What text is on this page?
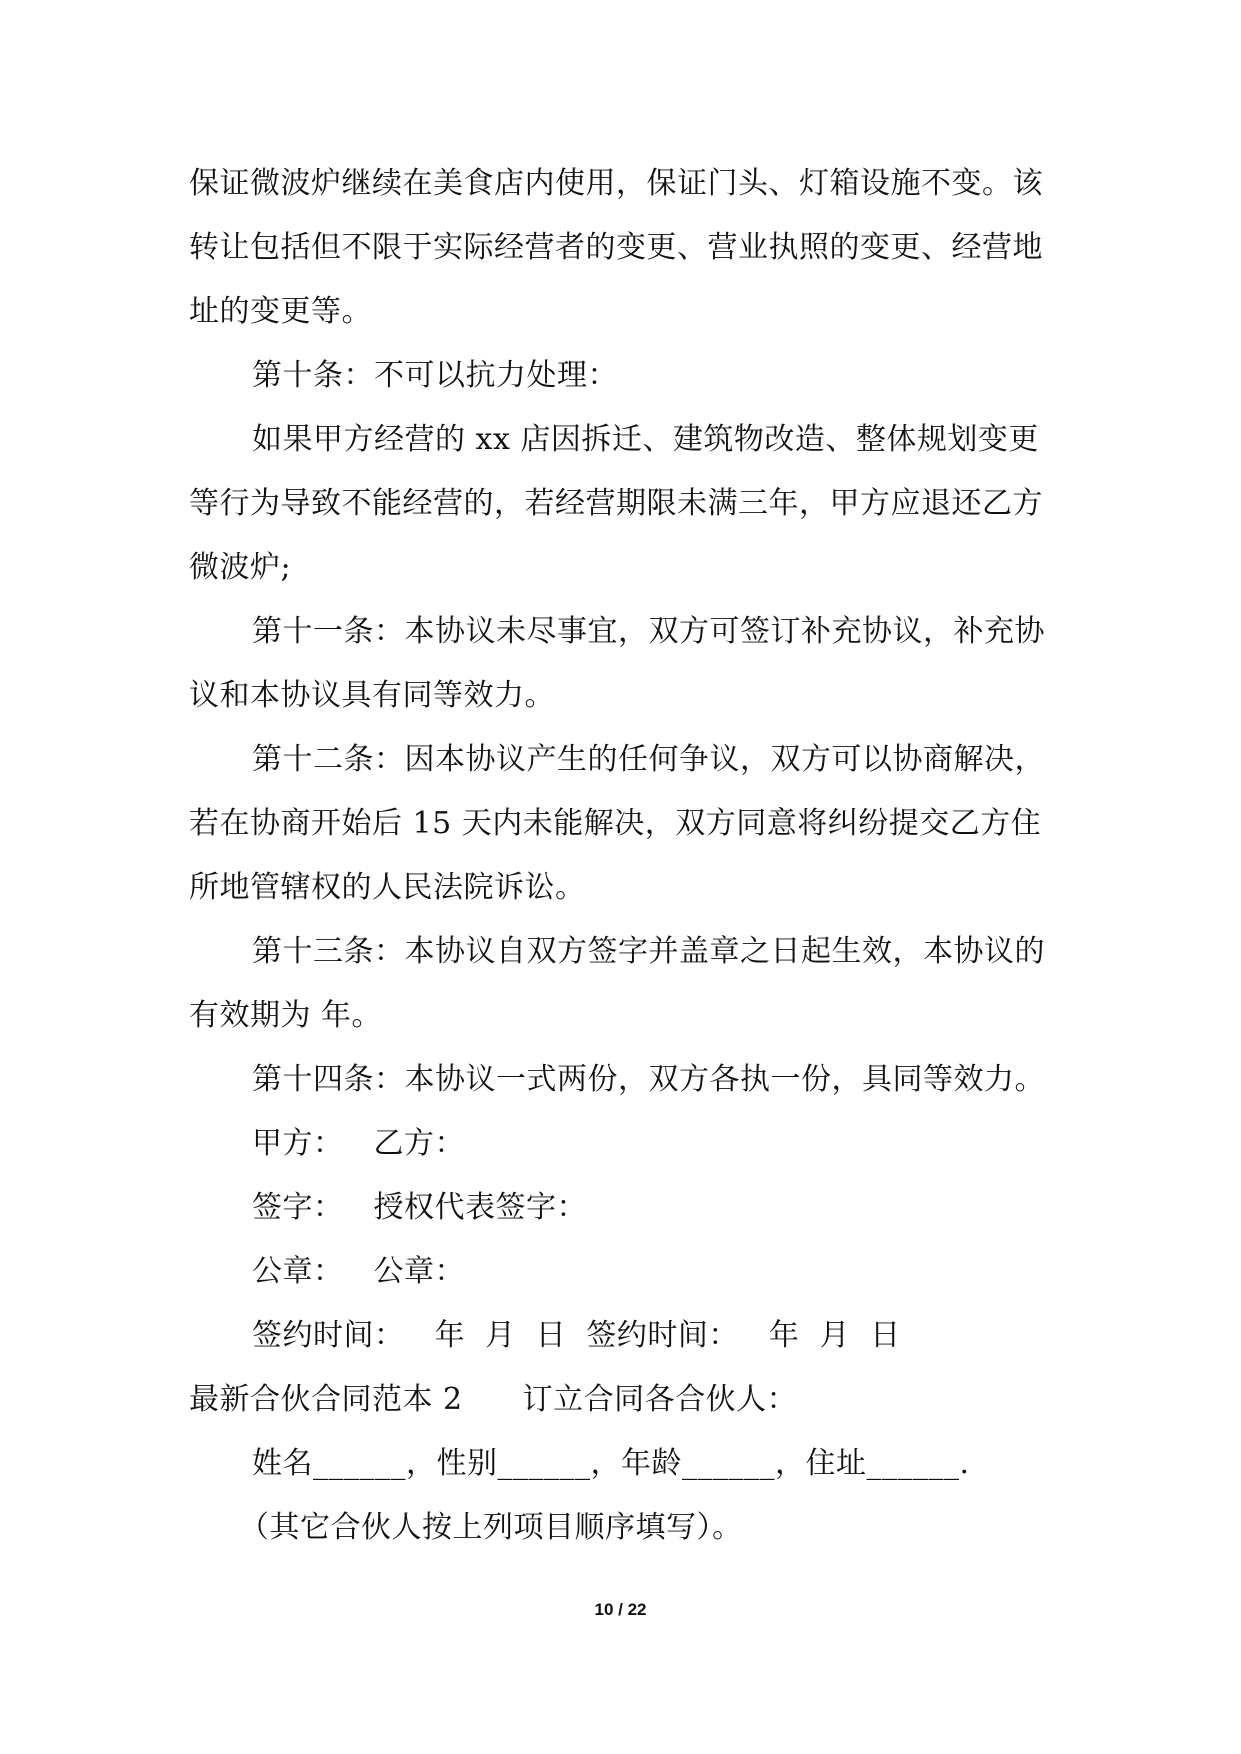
保证微波炉继续在美食店内使用，保证门头、灯箱设施不变。该
转让包括但不限于实际经营者的变更、营业执照的变更、经营地
址的变更等。
第十条：不可以抗力处理：
如果甲方经营的 xx 店因拆迁、建筑物改造、整体规划变更
等行为导致不能经营的，若经营期限未满三年，甲方应退还乙方
微波炉;
第十一条：本协议未尽事宜，双方可签订补充协议，补充协
议和本协议具有同等效力。
第十二条：因本协议产生的任何争议，双方可以协商解决，
若在协商开始后 15 天内未能解决，双方同意将纠纷提交乙方住
所地管辖权的人民法院诉讼。
第十三条：本协议自双方签字并盖章之日起生效，本协议的
有效期为 年。
第十四条：本协议一式两份，双方各执一份，具同等效力。
甲方： 乙方：
签字： 授权代表签字：
公章： 公章：
签约时间：   年  月  日  签约时间：   年  月  日
最新合伙合同范本 2 订立合同各合伙人：
姓名______，性别______，年龄______，住址______.
（其它合伙人按上列项目顺序填写）。
10 / 22
